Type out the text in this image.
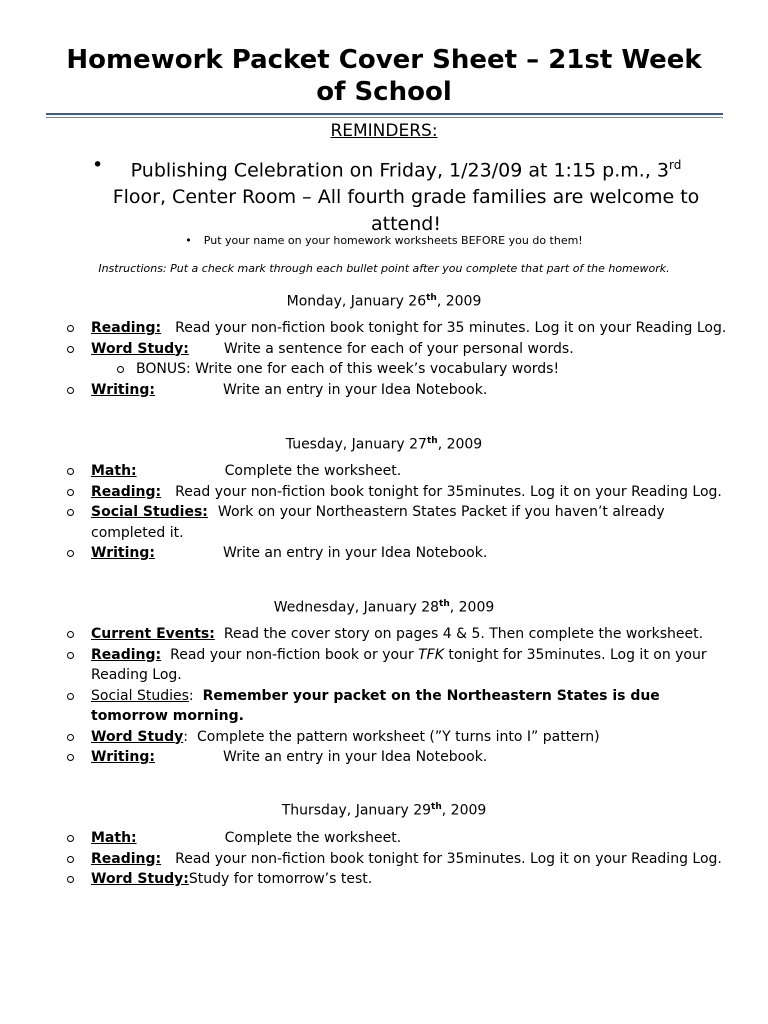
Homework Packet Cover Sheet – 21st Week
of School
REMINDERS:

• Publishing Celebration on Friday, 1/23/09 at 1:15 p.m., 3rd
Floor, Center Room – All fourth grade families are welcome to attend!

• Put your name on your homework worksheets BEFORE you do them!
Instructions: Put a check mark through each bullet point after you complete that part of the homework.
Monday, January 26th, 2009
Reading: Read your non-fiction book tonight for 35 minutes. Log it on your Reading Log.
Word Study:	Write a sentence for each of your personal words.
BONUS: Write one for each of this week’s vocabulary words!
Writing:	Write an entry in your Idea Notebook.
Tuesday, January 27th, 2009
Math:	Complete the worksheet.
Reading: Read your non-fiction book tonight for 35minutes. Log it on your Reading Log.
Social Studies: Work on your Northeastern States Packet if you haven’t already completed it.
Writing:	Write an entry in your Idea Notebook.
Wednesday, January 28th, 2009
Current Events: Read the cover story on pages 4 & 5. Then complete the worksheet.
Reading: Read your non-fiction book or your TFK tonight for 35minutes. Log it on your Reading Log.
Social Studies: Remember your packet on the Northeastern States is due tomorrow morning.
Word Study: Complete the pattern worksheet (”Y turns into I” pattern)
Writing:	Write an entry in your Idea Notebook.
Thursday, January 29th, 2009
Math:	Complete the worksheet.
Reading: Read your non-fiction book tonight for 35minutes. Log it on your Reading Log.
Word Study:Study for tomorrow’s test.
